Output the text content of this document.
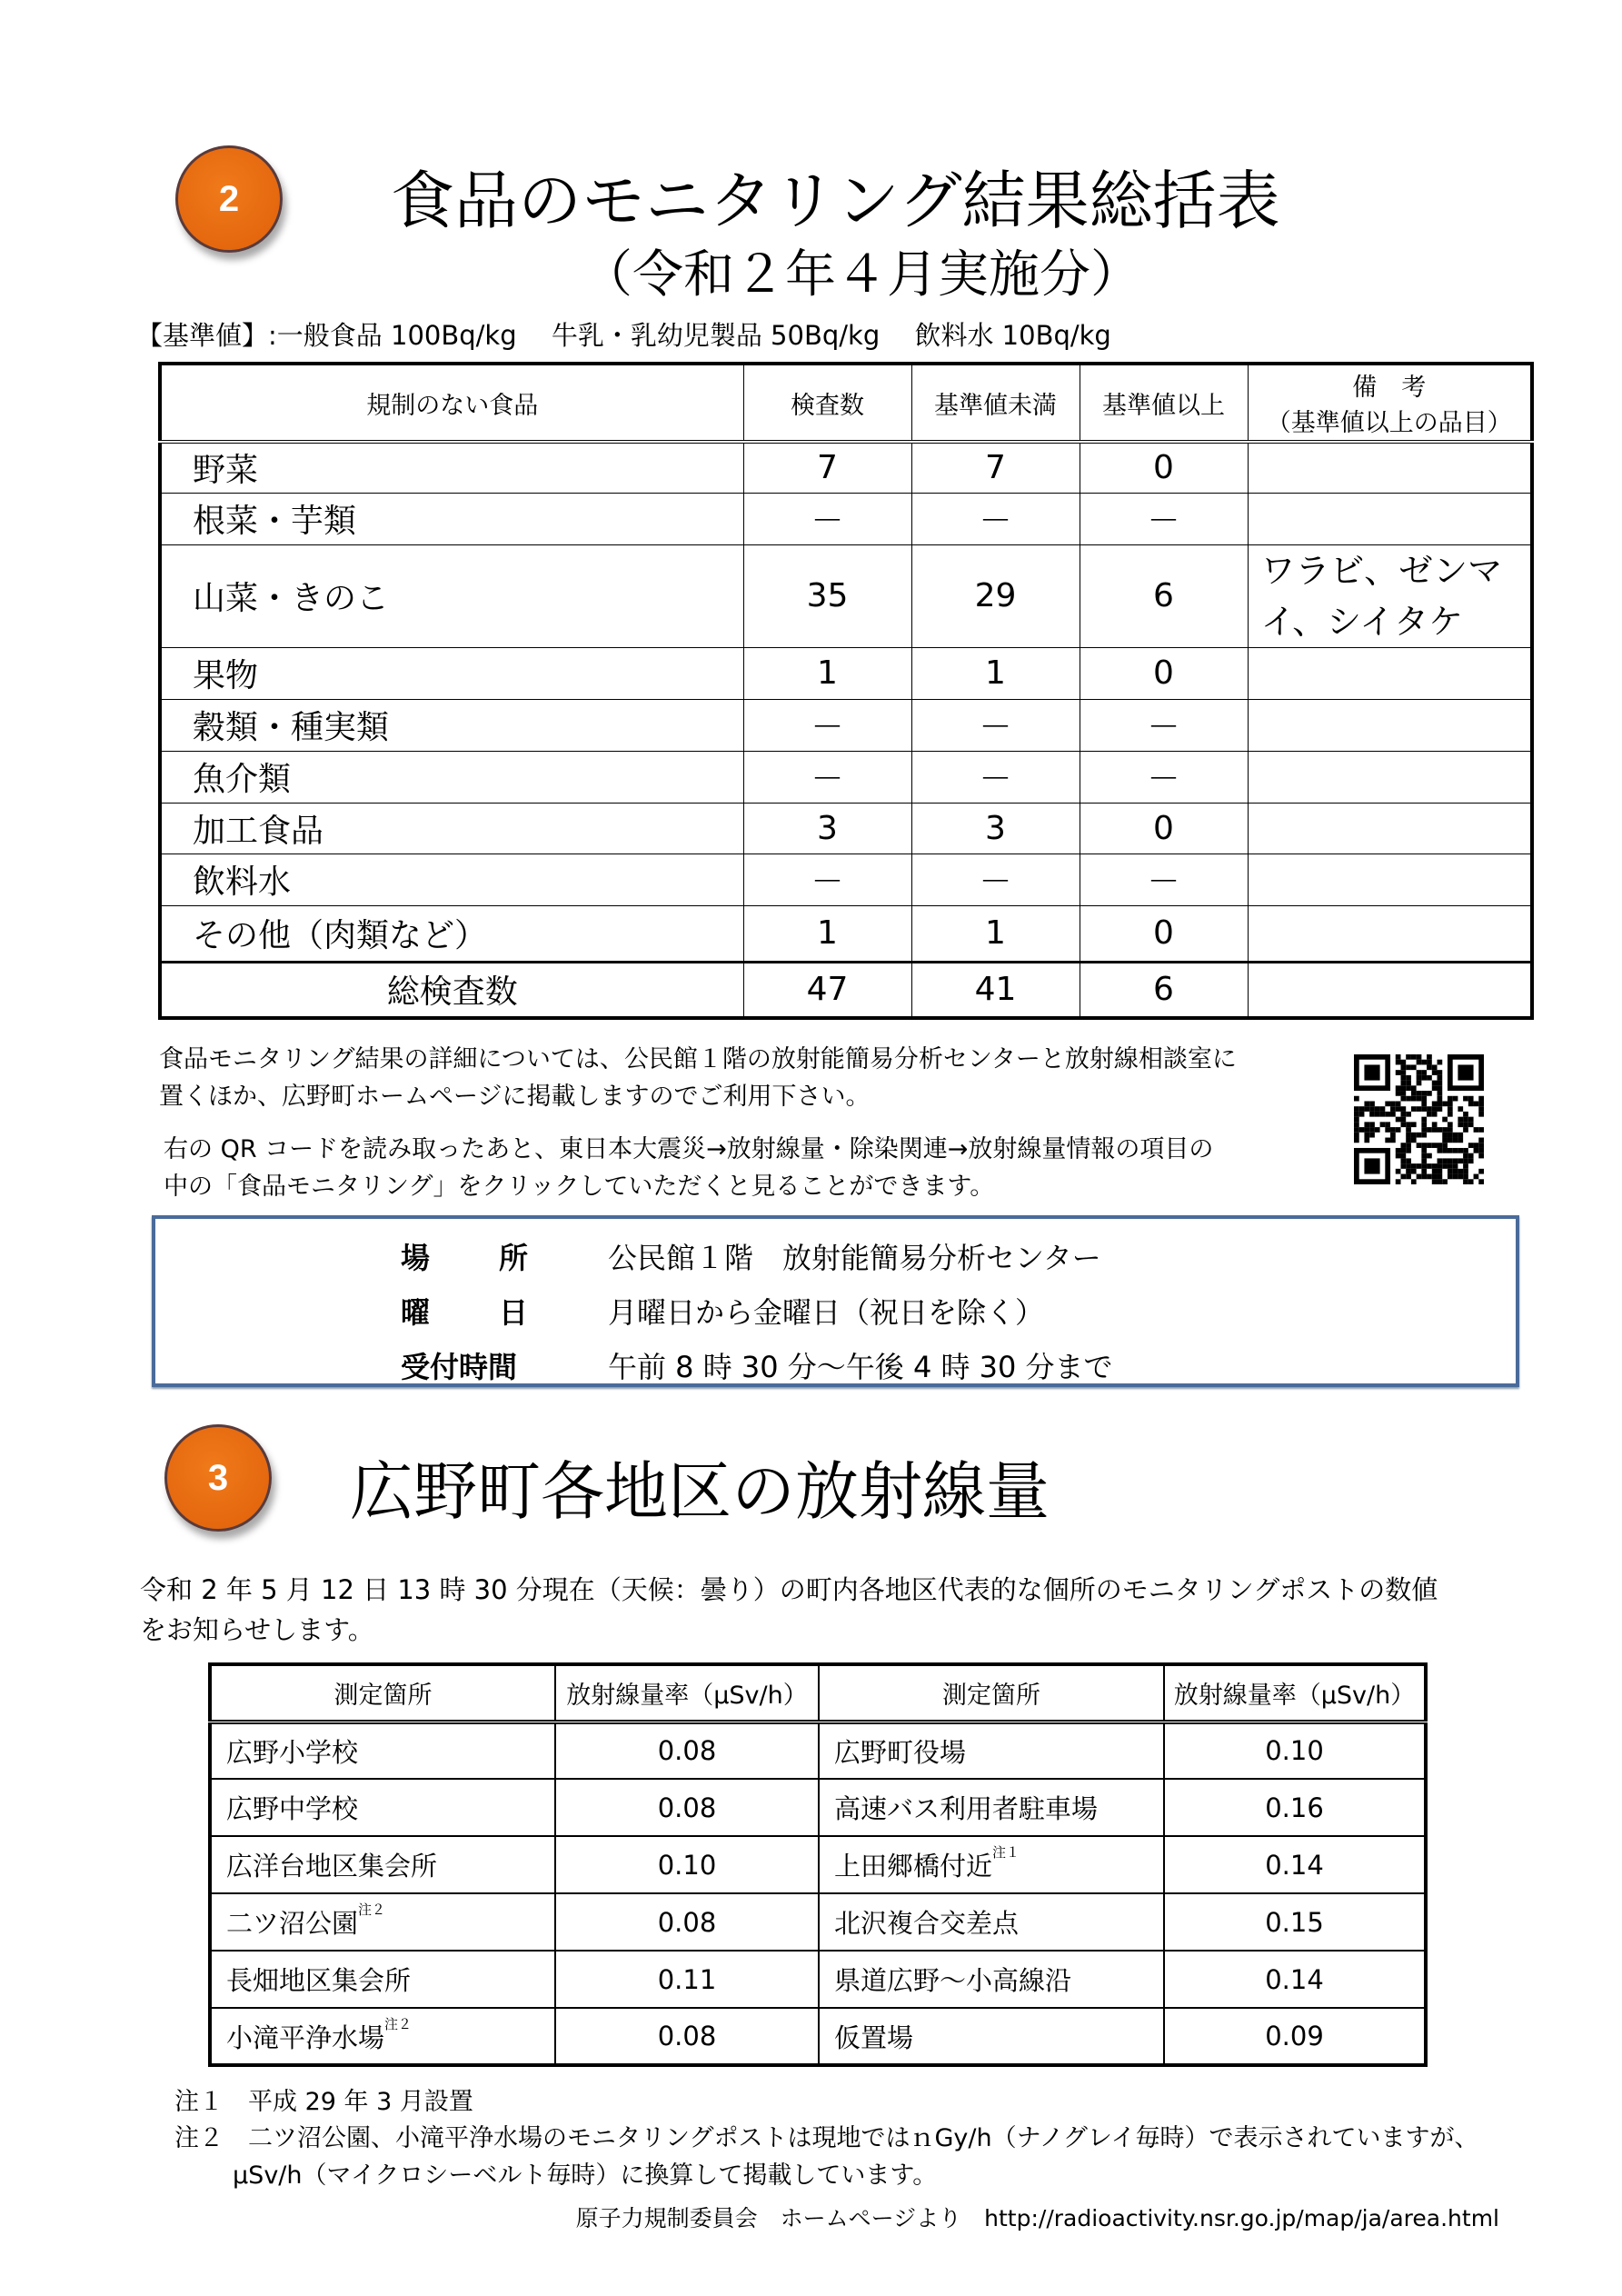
2	食品のモニタリング結果総括表
（令和２年４月実施分）
【基準値】:一般食品 100Bq/kg　 牛乳・乳幼児製品 50Bq/kg　 飲料水 10Bq/kg
規制のない食品	検査数	基準値未満	基準値以上	備　考
（基準値以上の品目）

野菜	7	7	0	
根菜・芋類	－	－	－	
山菜・きのこ	35	29	6	ワラビ、ゼンマイ、シイタケ
果物	1	1	0	
穀類・種実類	－	－	－	
魚介類	－	－	－	
加工食品	3	3	0	
飲料水	－	－	－	
その他（肉類など）	1	1	0	
総検査数	47	41	6	
食品モニタリング結果の詳細については、公民館１階の放射能簡易分析センターと放射線相談室に
置くほか、広野町ホームページに掲載しますのでご利用下さい。
右の QR コードを読み取ったあと、東日本大震災→放射線量・除染関連→放射線量情報の項目の
中の「食品モニタリング」をクリックしていただくと見ることができます。
場 所	公民館１階　放射能簡易分析センター
曜 日	月曜日から金曜日（祝日を除く）
受付時間	午前 8 時 30 分～午後 4 時 30 分まで
3	広野町各地区の放射線量
令和 2 年 5 月 12 日 13 時 30 分現在（天候：曇り）の町内各地区代表的な個所のモニタリングポストの数値
をお知らせします。
測定箇所	放射線量率（μSv/h）	測定箇所	放射線量率（μSv/h）
広野小学校	0.08	広野町役場	0.10
広野中学校	0.08	高速バス利用者駐車場	0.16
広洋台地区集会所	0.10	上田郷橋付近$^{注1}$	0.14
二ツ沼公園$^{注2}$	0.08	北沢複合交差点	0.15
長畑地区集会所	0.11	県道広野～小高線沿	0.14
小滝平浄水場$^{注2}$	0.08	仮置場	0.09
注１　平成 29 年 3 月設置
注２　二ツ沼公園、小滝平浄水場のモニタリングポストは現地ではｎGy/h（ナノグレイ毎時）で表示されていますが、
μSv/h（マイクロシーベルト毎時）に換算して掲載しています。
原子力規制委員会　ホームページより　http://radioactivity.nsr.go.jp/map/ja/area.html
